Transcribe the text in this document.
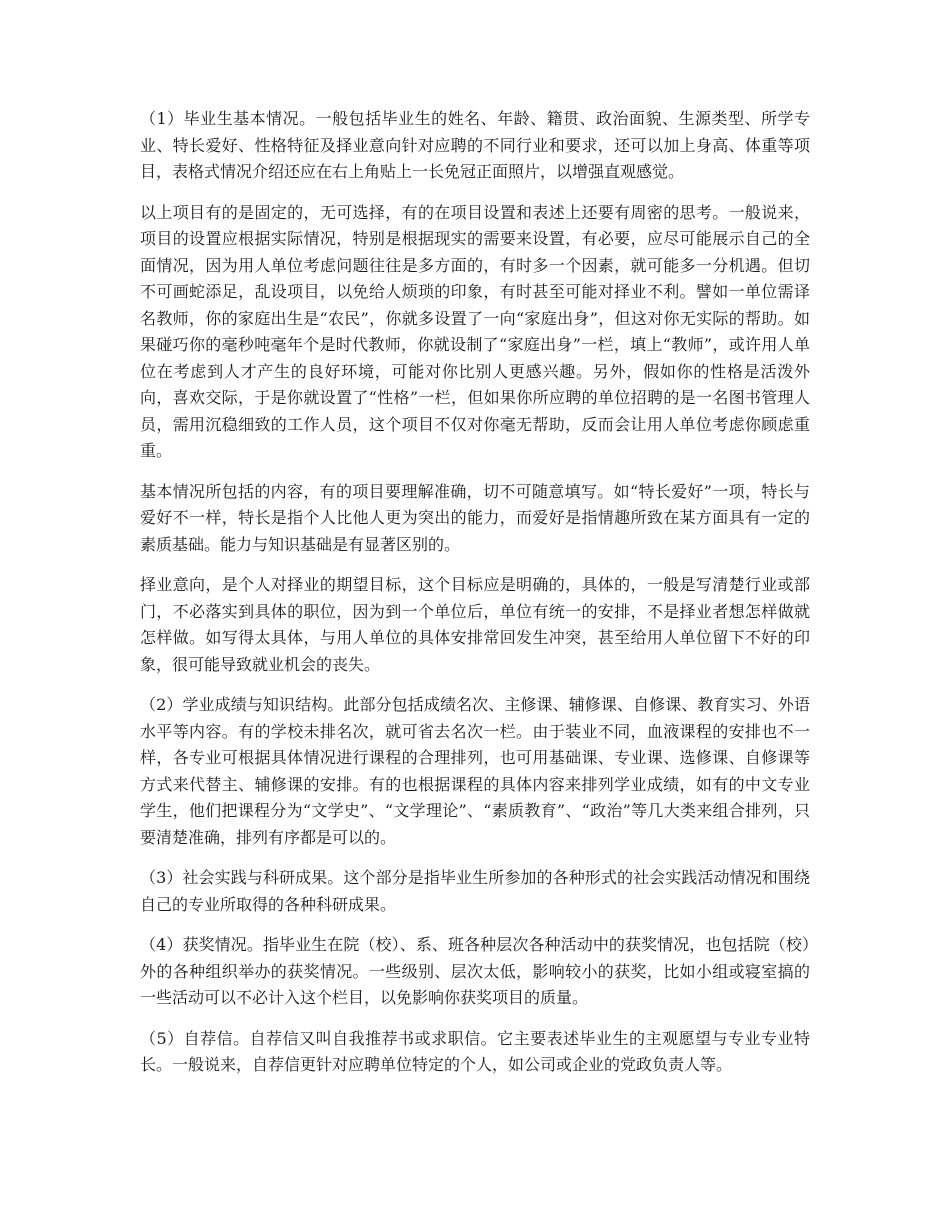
（1）毕业生基本情况。一般包括毕业生的姓名、年龄、籍贯、政治面貌、生源类型、所学专业、特长爱好、性格特征及择业意向针对应聘的不同行业和要求，还可以加上身高、体重等项目，表格式情况介绍还应在右上角贴上一长免冠正面照片，以增强直观感觉。

以上项目有的是固定的，无可选择，有的在项目设置和表述上还要有周密的思考。一般说来，项目的设置应根据实际情况，特别是根据现实的需要来设置，有必要，应尽可能展示自己的全面情况，因为用人单位考虑问题往往是多方面的，有时多一个因素，就可能多一分机遇。但切不可画蛇添足，乱设项目，以免给人烦琐的印象，有时甚至可能对择业不利。譬如一单位需译名教师，你的家庭出生是“农民”，你就多设置了一向“家庭出身”，但这对你无实际的帮助。如果碰巧你的毫秒吨毫年个是时代教师，你就设制了“家庭出身”一栏，填上“教师”，或许用人单位在考虑到人才产生的良好环境，可能对你比别人更感兴趣。另外，假如你的性格是活泼外向，喜欢交际，于是你就设置了“性格”一栏，但如果你所应聘的单位招聘的是一名图书管理人员，需用沉稳细致的工作人员，这个项目不仅对你毫无帮助，反而会让用人单位考虑你顾虑重重。

基本情况所包括的内容，有的项目要理解准确，切不可随意填写。如“特长爱好”一项，特长与爱好不一样，特长是指个人比他人更为突出的能力，而爱好是指情趣所致在某方面具有一定的素质基础。能力与知识基础是有显著区别的。

择业意向，是个人对择业的期望目标，这个目标应是明确的，具体的，一般是写清楚行业或部门，不必落实到具体的职位，因为到一个单位后，单位有统一的安排，不是择业者想怎样做就怎样做。如写得太具体，与用人单位的具体安排常回发生冲突，甚至给用人单位留下不好的印象，很可能导致就业机会的丧失。

（2）学业成绩与知识结构。此部分包括成绩名次、主修课、辅修课、自修课、教育实习、外语水平等内容。有的学校未排名次，就可省去名次一栏。由于装业不同，血液课程的安排也不一样，各专业可根据具体情况进行课程的合理排列，也可用基础课、专业课、选修课、自修课等方式来代替主、辅修课的安排。有的也根据课程的具体内容来排列学业成绩，如有的中文专业学生，他们把课程分为“文学史”、“文学理论”、“素质教育”、“政治”等几大类来组合排列，只要清楚准确，排列有序都是可以的。

（3）社会实践与科研成果。这个部分是指毕业生所参加的各种形式的社会实践活动情况和围绕自己的专业所取得的各种科研成果。

（4）获奖情况。指毕业生在院（校）、系、班各种层次各种活动中的获奖情况，也包括院（校）外的各种组织举办的获奖情况。一些级别、层次太低，影响较小的获奖，比如小组或寝室搞的一些活动可以不必计入这个栏目，以免影响你获奖项目的质量。

（5）自荐信。自荐信又叫自我推荐书或求职信。它主要表述毕业生的主观愿望与专业专业特长。一般说来，自荐信更针对应聘单位特定的个人，如公司或企业的党政负责人等。
